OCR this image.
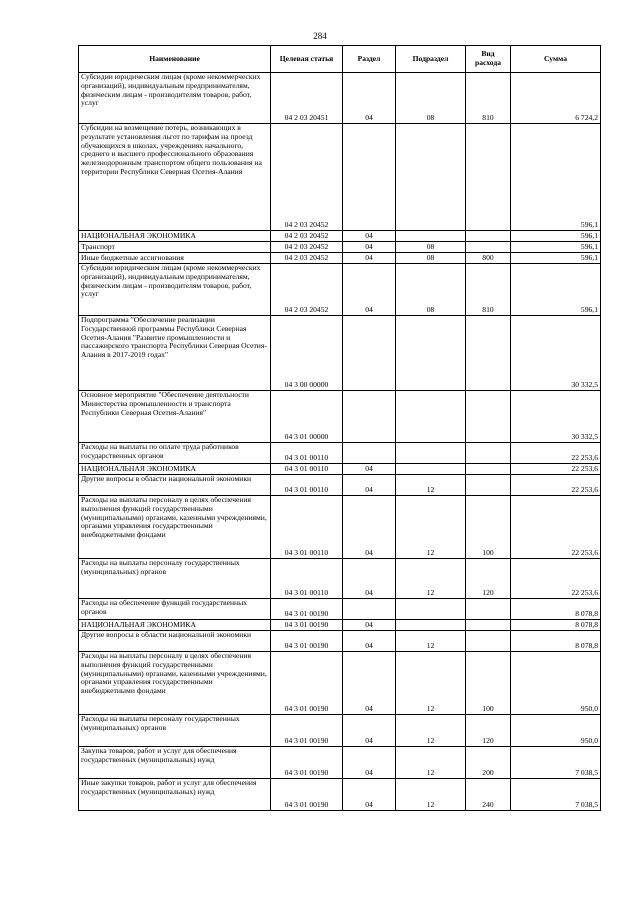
284
Наименование	Целевая статья	Раздел	Подраздел	Вид расхода	Сумма
Субсидии юридическим лицам (кроме некоммерческих организаций), индивидуальным предпринимателям, физическим лицам - производителям товаров, работ, услуг	04 2 03 20451	04	08	810	6 724,2
Субсидии на возмещение потерь, возникающих в результате установления льгот по тарифам на проезд обучающихся в школах, учреждениях начального, среднего и высшего профессионального образования железнодорожным транспортом общего пользования на территории Республики Северная Осетия-Алания	04 2 03 20452				596,1
НАЦИОНАЛЬНАЯ ЭКОНОМИКА	04 2 03 20452	04			596,1
Транспорт	04 2 03 20452	04	08		596,1
Иные бюджетные ассигнования	04 2 03 20452	04	08	800	596,1
Субсидии юридическим лицам (кроме некоммерческих организаций), индивидуальным предпринимателям, физическим лицам - производителям товаров, работ, услуг	04 2 03 20452	04	08	810	596,1
Подпрограмма "Обеспечение реализации Государственной программы Республики Северная Осетия-Алания "Развитие промышленности и пассажирского транспорта Республики Северная Осетия-Алания в 2017-2019 годах"	04 3 00 00000				30 332,5
Основное мероприятие "Обеспечение деятельности Министерства промышленности и транспорта Республики Северная Осетия-Алания"	04 3 01 00000				30 332,5
Расходы на выплаты по оплате труда работников государственных органов	04 3 01 00110				22 253,6
НАЦИОНАЛЬНАЯ ЭКОНОМИКА	04 3 01 00110	04			22 253,6
Другие вопросы в области национальной экономики	04 3 01 00110	04	12		22 253,6
Расходы на выплаты персоналу в целях обеспечения выполнения функций государственными (муниципальными) органами, казенными учреждениями, органами управления государственными внебюджетными фондами	04 3 01 00110	04	12	100	22 253,6
Расходы на выплаты персоналу государственных (муниципальных) органов	04 3 01 00110	04	12	120	22 253,6
Расходы на обеспечение функций государственных органов	04 3 01 00190				8 078,8
НАЦИОНАЛЬНАЯ ЭКОНОМИКА	04 3 01 00190	04			8 078,8
Другие вопросы в области национальной экономики	04 3 01 00190	04	12		8 078,8
Расходы на выплаты персоналу в целях обеспечения выполнения функций государственными (муниципальными) органами, казенными учреждениями, органами управления государственными внебюджетными фондами	04 3 01 00190	04	12	100	950,0
Расходы на выплаты персоналу государственных (муниципальных) органов	04 3 01 00190	04	12	120	950,0
Закупка товаров, работ и услуг для обеспечения государственных (муниципальных) нужд	04 3 01 00190	04	12	200	7 038,5
Иные закупки товаров, работ и услуг для обеспечения государственных (муниципальных) нужд	04 3 01 00190	04	12	240	7 038,5
